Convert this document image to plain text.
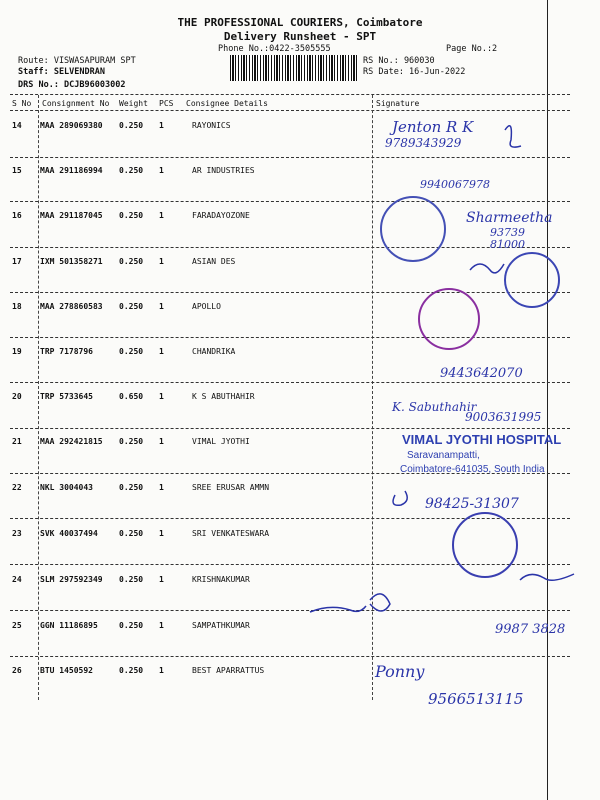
THE PROFESSIONAL COURIERS, Coimbatore
Delivery Runsheet - SPT
Phone No.:0422-3505555	Page No.:2
Route: VISWASAPURAM SPT
Staff: SELVENDRAN
DRS No.: DCJB96003002
RS No.: 960030
RS Date: 16-Jun-2022
S No Consignment No Weight PCS Consignee Details	Signature
14 MAA 289069380 0.250 1	RAYONICS
15 MAA 291186994 0.250 1	AR INDUSTRIES
16 MAA 291187045 0.250 1	FARADAYOZONE
17 IXM 501358271 0.250 1	ASIAN DES
18 MAA 278860583 0.250 1	APOLLO
19 TRP 7178796	0.250 1	CHANDRIKA
20 TRP 5733645	0.650 1	K S ABUTHAHIR
21 MAA 292421815 0.250 1	VIMAL JYOTHI
22 NKL 3004043	0.250 1	SREE ERUSAR AMMN
23 SVK 40037494	0.250 1	SRI VENKATESWARA
24 SLM 297592349 0.250 1	KRISHNAKUMAR
25 GGN 11186895	0.250 1	SAMPATHKUMAR
26 BTU 1450592	0.250 1	BEST APARRATTUS
VIMAL JYOTHI HOSPITAL
Saravanampatti,
Coimbatore-641035, South India
Jenton R K
9789343929
9940067978
Sharmeetha
93739
81000
9443642070
K. Sabuthahir
9003631995
98425-31307
9987 3828
Ponny
9566513115
